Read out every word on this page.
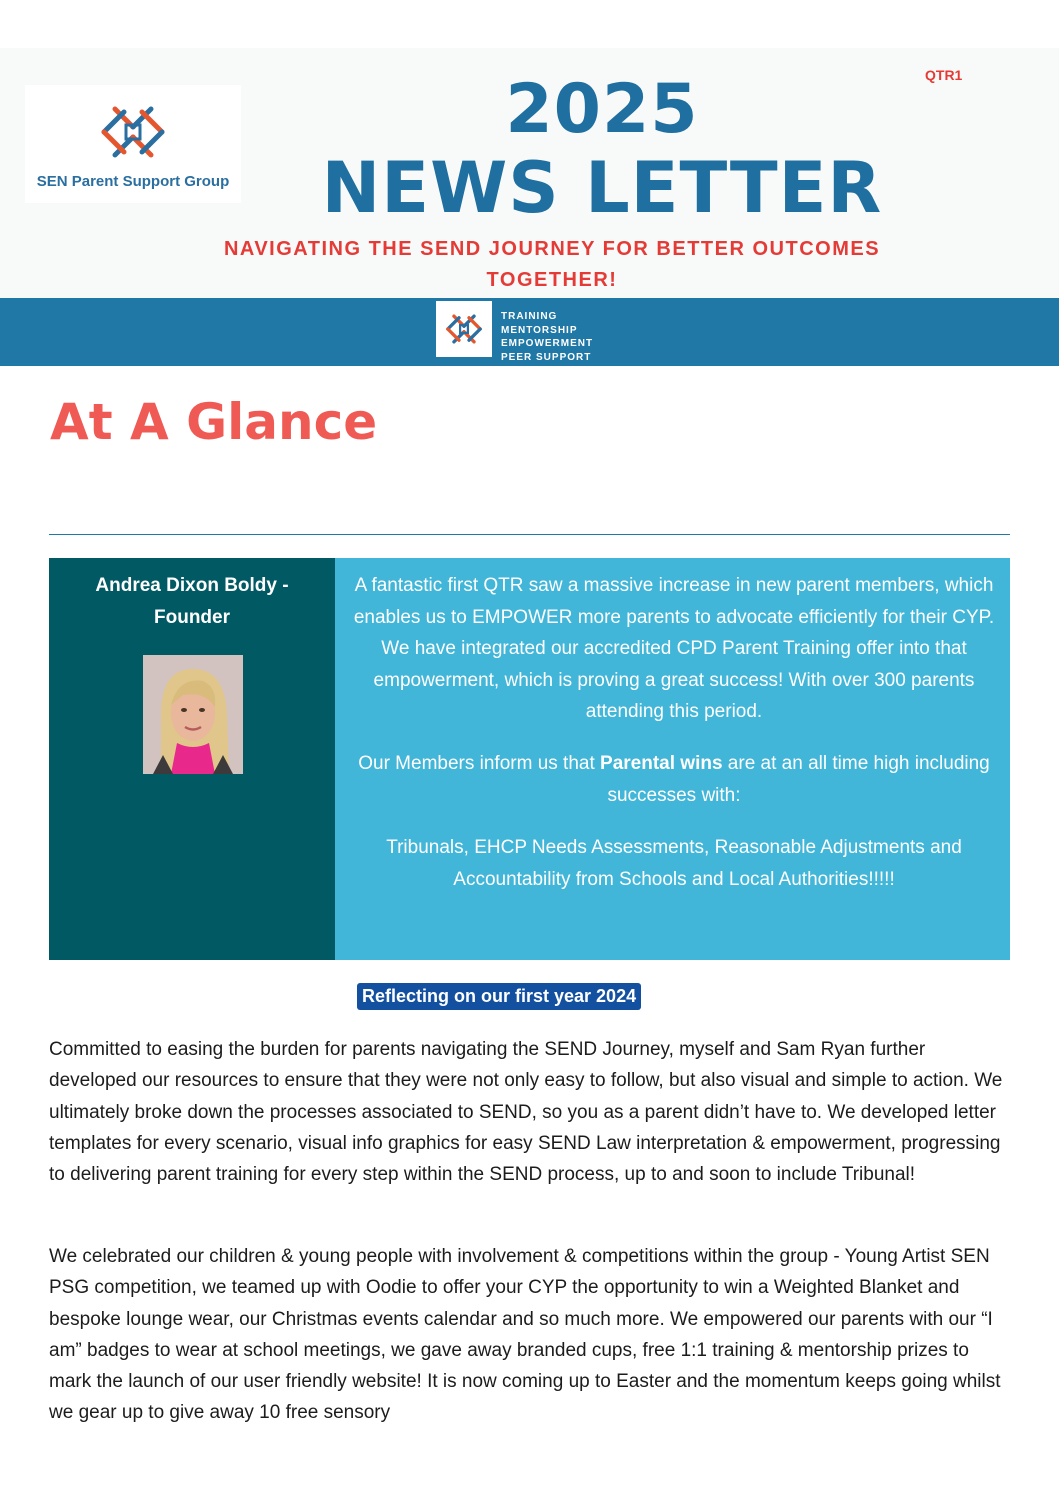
SEN Parent Support Group
QTR1
2025
NEWS LETTER
NAVIGATING THE SEND JOURNEY FOR BETTER OUTCOMES
TOGETHER!
TRAINING
MENTORSHIP
EMPOWERMENT
PEER SUPPORT
At A Glance
Andrea Dixon Boldy -
Founder
A fantastic first QTR saw a massive increase in new parent members, which enables us to EMPOWER more parents to advocate efficiently for their CYP. We have integrated our accredited CPD Parent Training offer into that empowerment, which is proving a great success! With over 300 parents attending this period.
Our Members inform us that Parental wins are at an all time high including successes with:
Tribunals, EHCP Needs Assessments, Reasonable Adjustments and Accountability from Schools and Local Authorities!!!!!
Reflecting on our first year 2024
Committed to easing the burden for parents navigating the SEND Journey, myself and Sam Ryan further developed our resources to ensure that they were not only easy to follow, but also visual and simple to action. We ultimately broke down the processes associated to SEND, so you as a parent didn’t have to. We developed letter templates for every scenario, visual info graphics for easy SEND Law interpretation & empowerment, progressing to delivering parent training for every step within the SEND process, up to and soon to include Tribunal!
We celebrated our children & young people with involvement & competitions within the group - Young Artist SEN PSG competition, we teamed up with Oodie to offer your CYP the opportunity to win a Weighted Blanket and bespoke lounge wear, our Christmas events calendar and so much more. We empowered our parents with our “I am” badges to wear at school meetings, we gave away branded cups, free 1:1 training & mentorship prizes to mark the launch of our user friendly website! It is now coming up to Easter and the momentum keeps going whilst we gear up to give away 10 free sensory
